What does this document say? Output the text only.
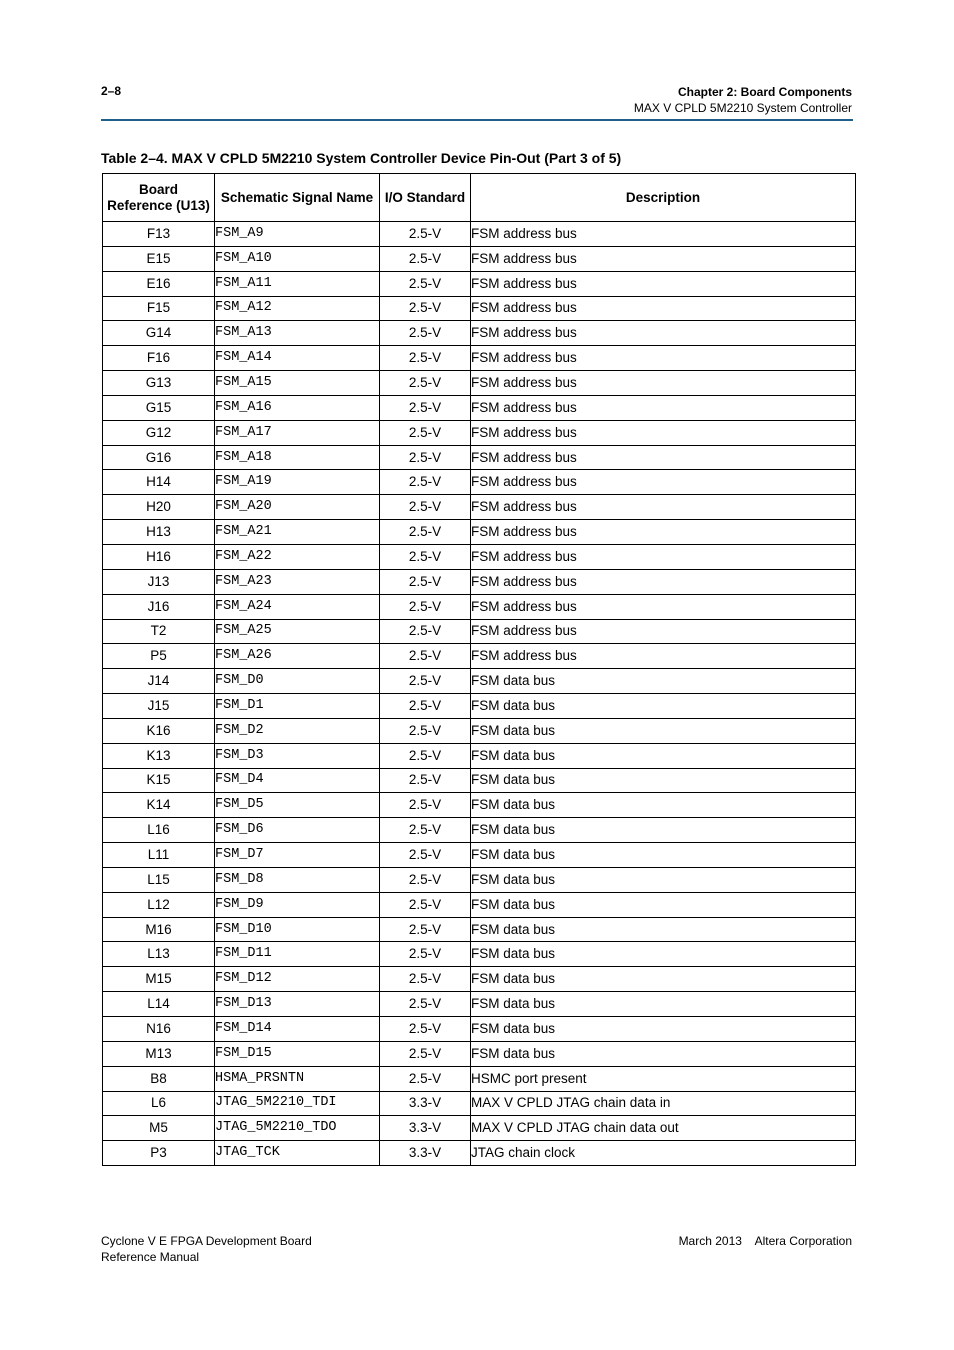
2–8	Chapter 2: Board Components
MAX V CPLD 5M2210 System Controller
Table 2–4. MAX V CPLD 5M2210 System Controller Device Pin-Out (Part 3 of 5)
Board
Reference (U13)	Schematic Signal Name	I/O Standard	Description
F13	FSM_A9	2.5-V	FSM address bus
E15	FSM_A10	2.5-V	FSM address bus
E16	FSM_A11	2.5-V	FSM address bus
F15	FSM_A12	2.5-V	FSM address bus
G14	FSM_A13	2.5-V	FSM address bus
F16	FSM_A14	2.5-V	FSM address bus
G13	FSM_A15	2.5-V	FSM address bus
G15	FSM_A16	2.5-V	FSM address bus
G12	FSM_A17	2.5-V	FSM address bus
G16	FSM_A18	2.5-V	FSM address bus
H14	FSM_A19	2.5-V	FSM address bus
H20	FSM_A20	2.5-V	FSM address bus
H13	FSM_A21	2.5-V	FSM address bus
H16	FSM_A22	2.5-V	FSM address bus
J13	FSM_A23	2.5-V	FSM address bus
J16	FSM_A24	2.5-V	FSM address bus
T2	FSM_A25	2.5-V	FSM address bus
P5	FSM_A26	2.5-V	FSM address bus
J14	FSM_D0	2.5-V	FSM data bus
J15	FSM_D1	2.5-V	FSM data bus
K16	FSM_D2	2.5-V	FSM data bus
K13	FSM_D3	2.5-V	FSM data bus
K15	FSM_D4	2.5-V	FSM data bus
K14	FSM_D5	2.5-V	FSM data bus
L16	FSM_D6	2.5-V	FSM data bus
L11	FSM_D7	2.5-V	FSM data bus
L15	FSM_D8	2.5-V	FSM data bus
L12	FSM_D9	2.5-V	FSM data bus
M16	FSM_D10	2.5-V	FSM data bus
L13	FSM_D11	2.5-V	FSM data bus
M15	FSM_D12	2.5-V	FSM data bus
L14	FSM_D13	2.5-V	FSM data bus
N16	FSM_D14	2.5-V	FSM data bus
M13	FSM_D15	2.5-V	FSM data bus
B8	HSMA_PRSNTN	2.5-V	HSMC port present
L6	JTAG_5M2210_TDI	3.3-V	MAX V CPLD JTAG chain data in
M5	JTAG_5M2210_TDO	3.3-V	MAX V CPLD JTAG chain data out
P3	JTAG_TCK	3.3-V	JTAG chain clock
Cyclone V E FPGA Development Board
Reference Manual
March 2013    Altera Corporation
